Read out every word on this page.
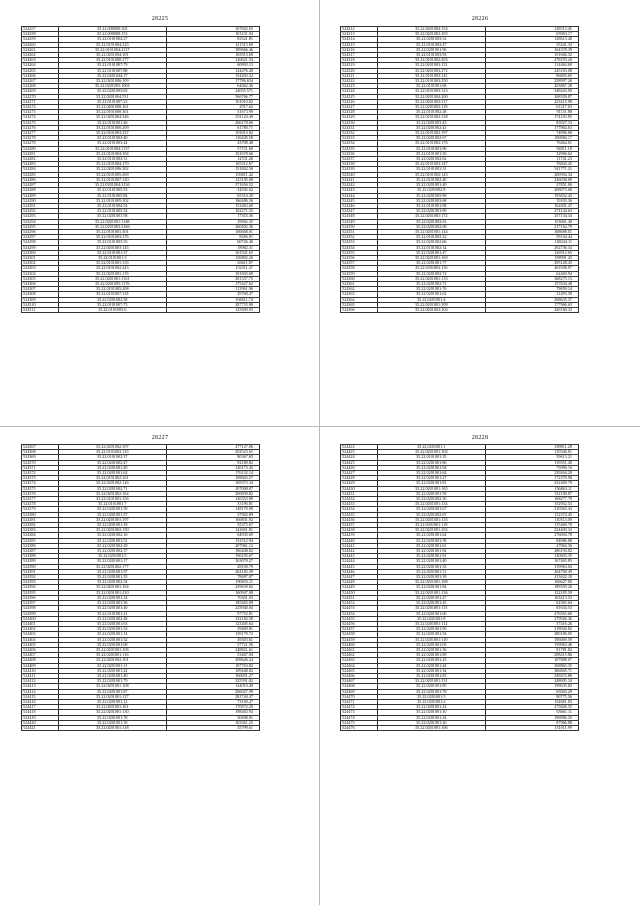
28225
524257	35.22.000000:102	167842.65
524258	35.22.000000:153	101231.94
524259	35.22.0101004:27	83321.81
524260	35.22.0101004:223	121315.69
524261	35.22.0101004:2117	389666.46
524262	35.22.0201004:101	105913.69
524263	35.22.0101000:277	126621.54
524264	35.22.0101007:79	60993.13
524265	35.22.0101007:88	124476.40
524266	35.22.0201044:17	154493.32
524267	35.22.0201006:109	17786.654
524268	35.22.0201005:1004	64662.36
524269	35.22.0201003:65	24055.571
524270	35.22.0201004:531	566766.77
524271	35.22.0101007:23	101010.82
524272	35.22.0201000:161	2917.62
524273	35.22.0101000:301	31673.99
524274	35.22.0201004:346	251124.49
524275	35.22.0101001:46	266178.66
524276	35.22.0101000:209	61780.71
524277	35.22.0101003:237	103013.82
524278	35.22.0101003:40	116445.58
524279	35.22.0101003:44	43708.48
524280	35.22.0101004:1157	57151.60
524281	35.22.0101004:104	101678.66
524282	35.22.0101003:31	12531.26
524283	35.22.0101004:170	165312.67
524284	35.22.0201006:302	151842.56
524285	35.22.0101005:269	103811.42
524286	35.22.0101007:120	125105.08
524287	35.22.0201004:3136	371656.52
524288	35.22.0101005:53	34502.02
524289	35.22.0101005:84	65310.20
524290	35.22.0101005:102	166486.36
524291	35.22.0101004:54	151463.60
524292	35.22.0101005:34	102271.35
524293	35.22.0201001:58	17353.36
524294	35.22.0201001:1148	29962.35
524295	35.22.0201003:3166	260402.36
524296	35.22.0101001:301	106668.01
524297	35.22.0101003:276	8266.01
524298	35.22.0101003:53	60726.40
524299	35.22.0201003:145	18982.31
524300	35.22.0101001:37	161541.65
524301	35.22.0101001:3	156802.26
524302	35.22.0101001:135	63611.87
524303	35.22.0101002:243	152311.47
524304	35.22.0201001:176	101843.69
524305	35.22.0201001:1161	281357.75
524306	35.22.0201005:1176	175427.62
524307	35.22.0101005:208	113961.96
524308	35.22.0101007:118	29768.47
524309	35.22.0201002:58	104611.74
524310	35.22.0101007:73	287755.98
524311	35.22.0101005:6	125690.93
28226
524312	35.22.0201004:154	128513.45
524313	35.22.0201002:103	63963.17
524314	35.22.0201003:52	128613.40
524315	35.22.0101002:47	35241.33
524316	35.22.0201001:96	164378.39
524317	35.22.0101003:93	151666.32
524318	35.22.0101002:203	478193.26
524319	35.22.0201003:131	114464.60
524320	35.22.0201003:272	245103.08
524321	35.22.0101003:141	86693.65
524322	35.22.0101003:250	238907.26
524323	35.22.0101001:68	203867.28
524324	35.22.0101003:123	348443.09
524325	35.22.0201004:200	168339.87
524326	35.22.0201003:317	223415.98
524327	35.22.0201003:118	61317.63
524328	35.22.0101002:28	91151.88
524329	35.22.0101002:128	174103.85
524330	35.22.0201003:45	83927.33
524331	35.22.0201002:41	177964.63
524332	35.22.0101002:197	74996.60
524333	35.22.0201002:67	100084.17
524334	35.22.0101002:176	76464.01
524335	35.22.0101001:96	94011.18
524336	35.22.0101001:30	32966.62
524337	35.22.0201002:62	11741.23
524338	35.22.0101003:147	76844.45
524339	35.22.0101003:31	541771.21
524340	35.22.0101002:143	200594.34
524341	35.22.0101002:40	246038.00
524342	35.22.0201001:40	37851.06
524343	35.22.0201002:8	208073.68
524344	35.22.0201005:89	195652.42
524345	35.22.0201003:68	19103.36
524346	35.22.0101001:98	162401.47
524347	35.22.0201001:99	274144.63
524348	35.22.0201001:172	257134.34
524349	35.22.0201002:63	153061.40
524350	35.22.0201002:68	217164.79
524351	35.22.0201001:144	168688.01
524352	35.22.0101002:22	59144.44
524353	35.22.0201002:66	148244.11
524354	35.22.0101002:14	292736.34
524355	35.22.0201001:47	126912.65
524356	35.22.0201001:160	158991.45
524357	35.22.0201001:77	295128.45
524358	35.22.0201002:116	401938.97
524359	35.22.0201002:72	62460.94
524360	35.22.0201001:133	368275.15
524361	35.22.0201002:71	157634.48
524362	35.22.0201001:76	79659.14
524363	35.22.0201001:62	31493.58
524364	35.22.0201001:4	268635.37
524365	35.22.0201001:109	177966.63
524366	35.22.0201002:104	426160.32
28227
524367	35.22.0201002:107	277127.06
524368	35.22.0101002:110	202523.61
524369	35.22.0101002:37	80367.65
524370	35.22.0201002:47	92180.82
524371	35.22.0201001:49	120173.45
524372	35.22.0201001:62	176132.14
524373	35.22.0101002:161	169663.57
524374	35.22.0201002:126	169373.34
524375	35.22.0201002:71	107008.07
524376	35.22.0201002:164	206839.82
524377	35.22.0101001:156	146353.89
524378	35.22.0101001:7	33196.81
524379	35.22.0201001:50	148170.09
524380	35.22.0201001:57	37962.89
524381	35.22.0201001:197	166831.92
524382	35.22.0201001:18	35375.67
524383	35.22.0201002:150	142661.81
524384	35.22.0201002:16	64935.69
524385	35.22.0201001:31	152512.94
524386	35.22.0201002:29	207961.12
524387	35.22.0201002:37	186448.82
524388	35.22.0201001:5	196195.67
524389	35.22.0201001:17	163078.27
524390	35.22.0201002:177	28190.79
524391	35.22.0201001:97	264182.39
524392	35.22.0201001:35	78687.87
524393	35.22.0201002:54	190655.11
524394	35.22.0201001:164	239639.82
524395	35.22.0201001:210	160947.08
524396	35.22.0201001:14	76301.03
524397	35.22.0201001:56	185265.09
524398	35.22.0201001:40	225940.04
524399	35.22.0101001:21	97752.81
524400	35.22.0201002:48	152182.58
524401	35.22.0201001:63	123405.64
524402	35.22.0201001:33	39409.81
524403	35.22.0201001:14	139179.72
524404	35.22.0201001:32	49303.61
524405	35.22.0201001:68	57721.56
524406	35.22.0201001:106	248821.61
524407	35.22.0201001:116	53467.94
524408	35.22.0201002:101	208626.24
524409	35.22.0201001:11	187763.82
524410	35.22.0201001:22	109448.82
524411	35.22.0201001:49	160051.27
524412	35.22.0201001:79	225591.82
524413	35.22.0201001:108	144010.40
524414	35.22.0201001:87	206027.99
524415	35.22.0201001:127	281744.47
524416	35.22.0201001:12	73169.47
524417	35.22.0201001:101	170972.29
524418	35.22.0201001:130	198463.94
524419	35.22.0201001:78	30498.81
524420	35.22.0201001:39	163361.25
524421	35.22.0201001:138	35799.61
28228
524422	35.22.0201001:1	189811.28
524423	35.22.0201001:104	110346.81
524424	35.22.0101001:35	59613.21
524425	35.22.0201001:86	119351.40
524426	35.22.0201001:94	75096.16
524427	35.22.0201001:64	239264.29
524428	35.22.0201001:27	172379.98
524429	35.22.0201001:81	232469.79
524430	35.22.0201001:165	156863.11
524431	35.22.0201001:59	132109.87
524432	35.22.0201002:30	168277.70
524433	35.22.0201001:134	152952.53
524434	35.22.0201001:67	310563.43
524435	35.22.0201002:67	132374.45
524436	35.22.0201001:135	110513.09
524437	35.22.0201001:118	115469.78
524438	35.22.0201001:102	224403.33
524439	35.22.0201001:64	276094.78
524440	35.22.0201001:58	84686.88
524441	35.22.0201001:61	27964.36
524442	35.22.0201001:92	286194.82
524443	35.22.0201001:91	140603.35
524444	35.22.0201001:40	167465.85
524445	35.22.0201001:33	319963.04
524446	35.22.0201001:11	264790.49
524447	35.22.0201001:39	213622.18
524448	35.22.0201001:188	166627.80
524449	35.22.0201001:84	189359.26
524450	35.22.0201001:136	122185.59
524451	35.22.0201001:47	163413.53
524452	35.22.0201001:45	62365.64
524453	35.22.0201001:115	81634.53
524454	35.22.0201001:60	276563.60
524455	35.22.0201001:8	279926.36
524456	35.22.0201001:112	37416.26
524457	35.22.0201001:95	218026.82
524458	35.22.0201001:54	280186.05
524459	35.22.0201001:110	186069.59
524460	35.22.0201001:65	159063.46
524461	35.22.0201001:36	81781.82
524462	35.22.0201001:89	298415.86
524463	35.22.0201001:23	107888.07
524464	35.22.0201001:44	368863.35
524465	35.22.0201001:34	306845.71
524466	35.22.0201001:83	349472.86
524467	35.22.0201001:131	248005.34
524468	35.22.0201001:95	199635.82
524469	35.22.0201001:78	65004.29
524470	35.22.0201001:5	90775.56
524471	35.22.0201001:2	154681.83
524472	35.22.0201001:42	275826.55
524473	35.22.0201001:10	63661.11
524474	35.22.0201001:24	196986.25
524475	35.22.0201001:20	87966.88
524476	35.22.0201001:106	151011.99
